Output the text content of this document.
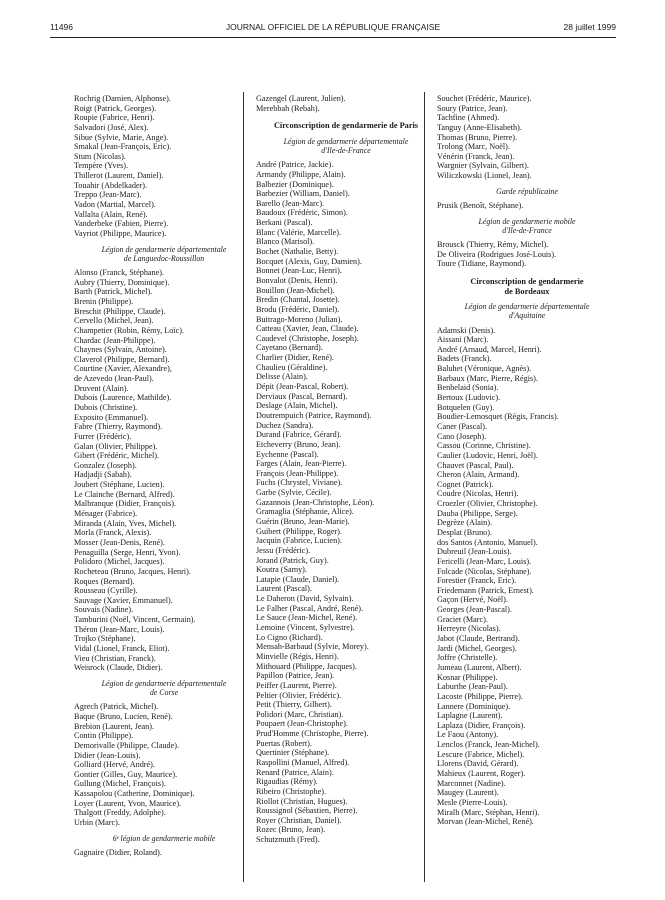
11496	JOURNAL OFFICIEL DE LA RÉPUBLIQUE FRANÇAISE	28 juillet 1999
Rochrig (Damien, Alphonse).
Roigt (Patrick, Georges).
Roupie (Fabrice, Henri).
Salvadori (José, Alex).
Sibue (Sylvie, Marie, Ange).
Smakal (Jean-François, Eric).
Stum (Nicolas).
Tempère (Yves).
Thillerot (Laurent, Daniel).
Touahir (Abdelkader).
Treppo (Jean-Marc).
Vadon (Martial, Marcel).
Vallalta (Alain, René).
Vanderbeke (Fabien, Pierre).
Vayriot (Philippe, Maurice).
Légion de gendarmerie départementale
de Languedoc-Roussillon
Alonso (Franck, Stéphane).
Aubry (Thierry, Dominique).
Barth (Patrick, Michel).
Brenin (Philippe).
Breschit (Philippe, Claude).
Cervello (Michel, Jean).
Champetier (Robin, Rémy, Loïc).
Chardac (Jean-Philippe).
Chaynes (Sylvain, Antoine).
Claverol (Philippe, Bernard).
Courtine (Xavier, Alexandre),
de Azevedo (Jean-Paul).
Druvent (Alain).
Dubois (Laurence, Mathilde).
Dubois (Christine).
Exposito (Emmanuel).
Fabre (Thierry, Raymond).
Furrer (Frédéric).
Galan (Olivier, Philippe).
Gibert (Frédéric, Michel).
Gonzalez (Joseph).
Hadjadji (Sabah).
Joubert (Stéphane, Lucien).
Le Clainche (Bernard, Alfred).
Malbranque (Didier, François).
Ménager (Fabrice).
Miranda (Alain, Yves, Michel).
Morla (Franck, Alexis).
Mosser (Jean-Denis, René).
Penaguilla (Serge, Henri, Yvon).
Polidoro (Michel, Jacques).
Rocheteau (Bruno, Jacques, Henri).
Roques (Bernard).
Rousseau (Cyrille).
Sauvage (Xavier, Emmanuel).
Souvais (Nadine).
Tamburini (Noël, Vincent, Germain).
Théron (Jean-Marc, Louis).
Trojko (Stéphane).
Vidal (Lionel, Franck, Eliot).
Vieu (Christian, Franck).
Weisrock (Claude, Didier).
Légion de gendarmerie départementale
de Corse
Agrech (Patrick, Michel).
Baque (Bruno, Lucien, René).
Brebion (Laurent, Jean).
Contin (Philippe).
Demorivalle (Philippe, Claude).
Didier (Jean-Louis).
Golliard (Hervé, André).
Gontier (Gilles, Guy, Maurice).
Gullung (Michel, François).
Kassapolou (Catherine, Dominique).
Loyer (Laurent, Yvon, Maurice).
Thalgott (Freddy, Adolphe).
Urbin (Marc).
6ᵉ légion de gendarmerie mobile
Gagnaire (Didier, Roland).
Gazengel (Laurent, Julien).
Merebbah (Rebah).
Circonscription de gendarmerie de Paris
Légion de gendarmerie départementale
d'Ile-de-France
André (Patrice, Jackie).
Armandy (Philippe, Alain).
Balbezier (Dominique).
Barbezier (William, Daniel).
Barello (Jean-Marc).
Baudoux (Frédéric, Simon).
Berkani (Pascal).
Blanc (Valérie, Marcelle).
Blanco (Marisol).
Bochet (Nathalie, Betty).
Bocquet (Alexis, Guy, Damien).
Bonnet (Jean-Luc, Henri).
Bonvalot (Denis, Henri).
Bouillon (Jean-Michel).
Bredin (Chantal, Josette).
Brodu (Frédéric, Daniel).
Buitrago-Moreno (Julian).
Catteau (Xavier, Jean, Claude).
Caudevel (Christophe, Joseph).
Cayetano (Bernard).
Charlier (Didier, René).
Chaulieu (Géraldine).
Delisse (Alain).
Dépit (Jean-Pascal, Robert).
Derviaux (Pascal, Bernard).
Deslage (Alain, Michel).
Doutrempuich (Patrice, Raymond).
Duchez (Sandra).
Durand (Fabrice, Gérard).
Etcheverry (Bruno, Jean).
Eychenne (Pascal).
Farges (Alain, Jean-Pierre).
François (Jean-Philippe).
Fuchs (Chrystel, Viviane).
Garbe (Sylvie, Cécile).
Gazannois (Jean-Christophe, Léon).
Gramaglia (Stéphanie, Alice).
Guérin (Bruno, Jean-Marie).
Guibert (Philippe, Roger).
Jacquin (Fabrice, Lucien).
Jessu (Frédéric).
Jorand (Patrick, Guy).
Koutra (Samy).
Latapie (Claude, Daniel).
Laurent (Pascal).
Le Daheron (David, Sylvain).
Le Falher (Pascal, André, René).
Le Sauce (Jean-Michel, René).
Lemoine (Vincent, Sylvestre).
Lo Cigno (Richard).
Mensah-Barbaud (Sylvie, Morey).
Minvielle (Régis, Henri).
Mithouard (Philippe, Jacques).
Papillon (Patrice, Jean).
Peiffer (Laurent, Pierre).
Peltier (Olivier, Frédéric).
Petit (Thierry, Gilbert).
Polidori (Marc, Christian).
Poupaert (Jean-Christophe).
Prud'Homme (Christophe, Pierre).
Puertas (Robert).
Quertinier (Stéphane).
Raspollini (Manuel, Alfred).
Renard (Patrice, Alain).
Rigaudias (Rémy).
Ribeiro (Christophe).
Riollot (Christian, Hugues).
Roussignol (Sébastien, Pierre).
Royer (Christian, Daniel).
Rozec (Bruno, Jean).
Schutzmuth (Fred).
Souchet (Frédéric, Maurice).
Soury (Patrice, Jean).
Tachfine (Ahmed).
Tanguy (Anne-Elisabeth).
Thomas (Bruno, Pierre).
Trolong (Marc, Noël).
Vénérin (Franck, Jean).
Wargnier (Sylvain, Gilbert).
Wiliczkowski (Lionel, Jean).
Garde républicaine
Prusik (Benoît, Stéphane).
Légion de gendarmerie mobile
d'Ile-de-France
Brousck (Thierry, Rémy, Michel).
De Oliveira (Rodrigues José-Louis).
Toure (Tidiane, Raymond).
Circonscription de gendarmerie
de Bordeaux
Légion de gendarmerie départementale
d'Aquitaine
Adamski (Denis).
Aissani (Marc).
André (Arnaud, Marcel, Henri).
Badets (Franck).
Baluhet (Véronique, Agnès).
Barbaux (Marc, Pierre, Régis).
Benbelaid (Sonia).
Bertoux (Ludovic).
Botquelen (Guy).
Boudier-Lemosquet (Régis, Francis).
Caner (Pascal).
Cano (Joseph).
Cassou (Corinne, Christine).
Caulier (Ludovic, Henri, Joël).
Chauvet (Pascal, Paul).
Cheron (Alain, Armand).
Cognet (Patrick).
Coudre (Nicolas, Henri).
Croezler (Olivier, Christophe).
Dauba (Philippe, Serge).
Degrèze (Alain).
Desplat (Bruno).
dos Santos (Antonio, Manuel).
Dubreuil (Jean-Louis).
Fericelli (Jean-Marc, Louis).
Folcade (Nicolas, Stéphane).
Forestier (Franck, Eric).
Friedemann (Patrick, Ernest).
Gaçon (Hervé, Noël).
Georges (Jean-Pascal).
Graciet (Marc).
Herreyre (Nicolas).
Jabot (Claude, Bertrand).
Jardi (Michel, Georges).
Joffre (Christelle).
Jumeau (Laurent, Albert).
Kosnar (Philippe).
Laburthe (Jean-Paul).
Lacoste (Philippe, Pierre).
Lannere (Dominique).
Laplagne (Laurent).
Laplaza (Didier, François).
Le Faou (Antony).
Lenclos (Franck, Jean-Michel).
Lescure (Fabrice, Michel).
Llorens (David, Gérard).
Mahieux (Laurent, Roger).
Marconnet (Nadine).
Maugey (Laurent).
Mesle (Pierre-Louis).
Miralh (Marc, Stéphan, Henri).
Morvan (Jean-Michel, René).
